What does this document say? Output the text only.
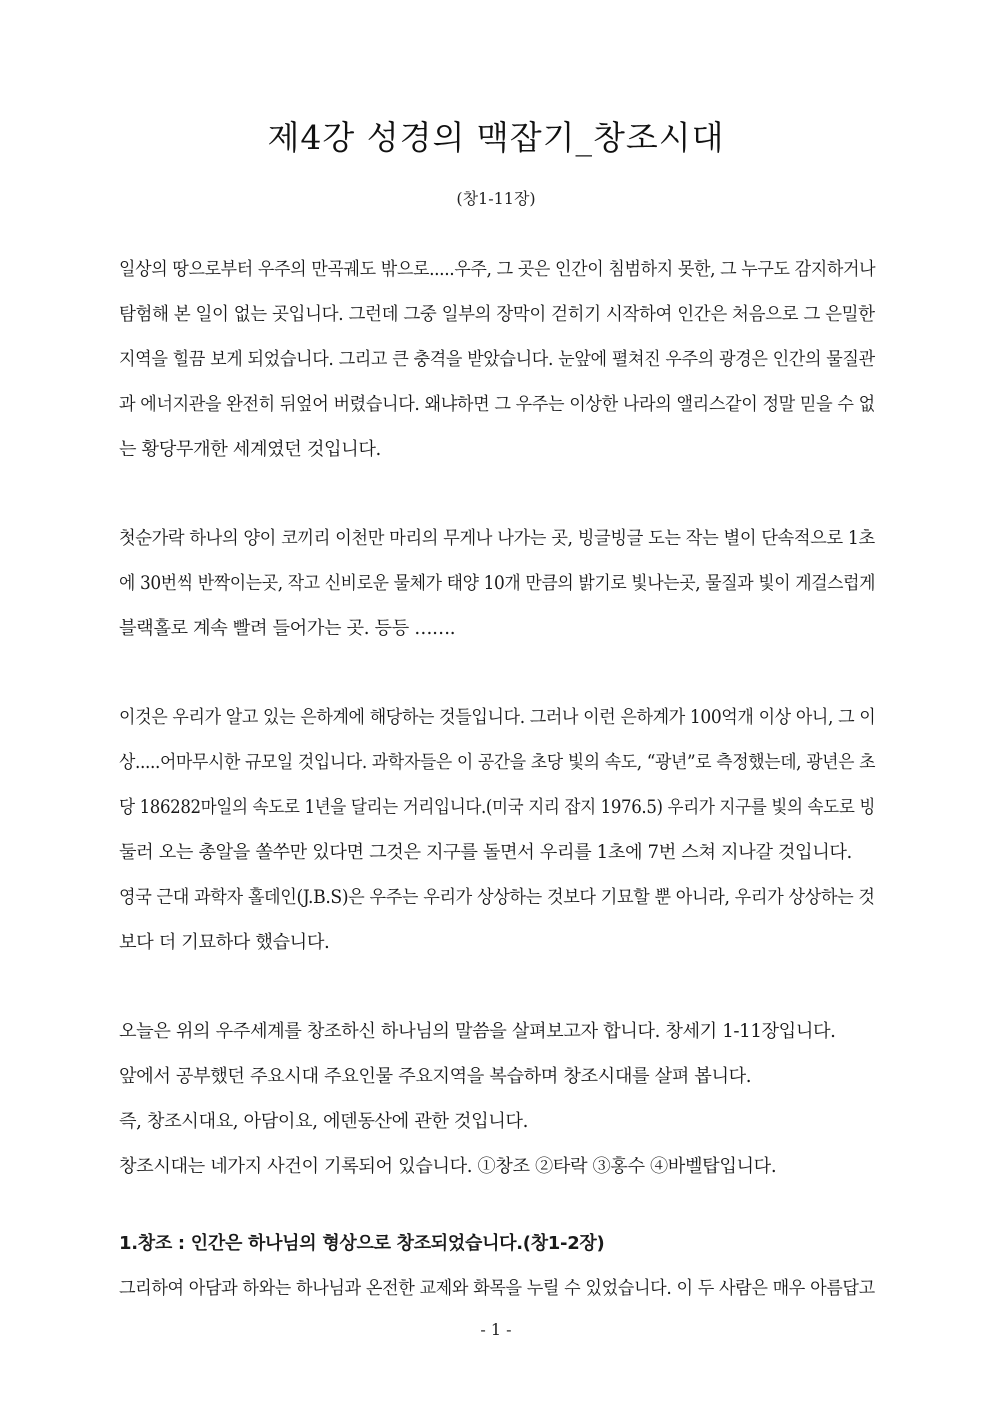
제4강 성경의 맥잡기_창조시대
(창1-11장)
일상의 땅으로부터 우주의 만곡궤도 밖으로.....우주, 그 곳은 인간이 침범하지 못한, 그 누구도 감지하거나
탐험해 본 일이 없는 곳입니다. 그런데 그중 일부의 장막이 걷히기 시작하여 인간은 처음으로 그 은밀한
지역을 힐끔 보게 되었습니다. 그리고 큰 충격을 받았습니다. 눈앞에 펼쳐진 우주의 광경은 인간의 물질관
과 에너지관을 완전히 뒤엎어 버렸습니다. 왜냐하면 그 우주는 이상한 나라의 앨리스같이 정말 믿을 수 없
는 황당무개한 세계였던 것입니다.
첫순가락 하나의 양이 코끼리 이천만 마리의 무게나 나가는 곳, 빙글빙글 도는 작는 별이 단속적으로 1초
에 30번씩 반짝이는곳, 작고 신비로운 물체가 태양 10개 만큼의 밝기로 빛나는곳, 물질과 빛이 게걸스럽게
블랙홀로 계속 빨려 들어가는 곳. 등등 …….
이것은 우리가 알고 있는 은하계에 해당하는 것들입니다. 그러나 이런 은하계가 100억개 이상 아니, 그 이
상.....어마무시한 규모일 것입니다. 과학자들은 이 공간을 초당 빛의 속도, “광년”로 측정했는데, 광년은 초
당 186282마일의 속도로 1년을 달리는 거리입니다.(미국 지리 잡지 1976.5) 우리가 지구를 빛의 속도로 빙
둘러 오는 총알을 쏠쑤만 있다면 그것은 지구를 돌면서 우리를 1초에 7번 스쳐 지나갈 것입니다.
영국 근대 과학자 홀데인(J.B.S)은 우주는 우리가 상상하는 것보다 기묘할 뿐 아니라, 우리가 상상하는 것
보다 더 기묘하다 했습니다.
오늘은 위의 우주세계를 창조하신 하나님의 말씀을 살펴보고자 합니다. 창세기 1-11장입니다.
앞에서 공부했던 주요시대 주요인물 주요지역을 복습하며 창조시대를 살펴 봅니다.
즉, 창조시대요, 아담이요, 에덴동산에 관한 것입니다.
창조시대는 네가지 사건이 기록되어 있습니다. ①창조 ②타락 ③홍수 ④바벨탑입니다.
1.창조 : 인간은 하나님의 형상으로 창조되었습니다.(창1-2장)
그리하여 아담과 하와는 하나님과 온전한 교제와 화목을 누릴 수 있었습니다. 이 두 사람은 매우 아름답고
- 1 -
